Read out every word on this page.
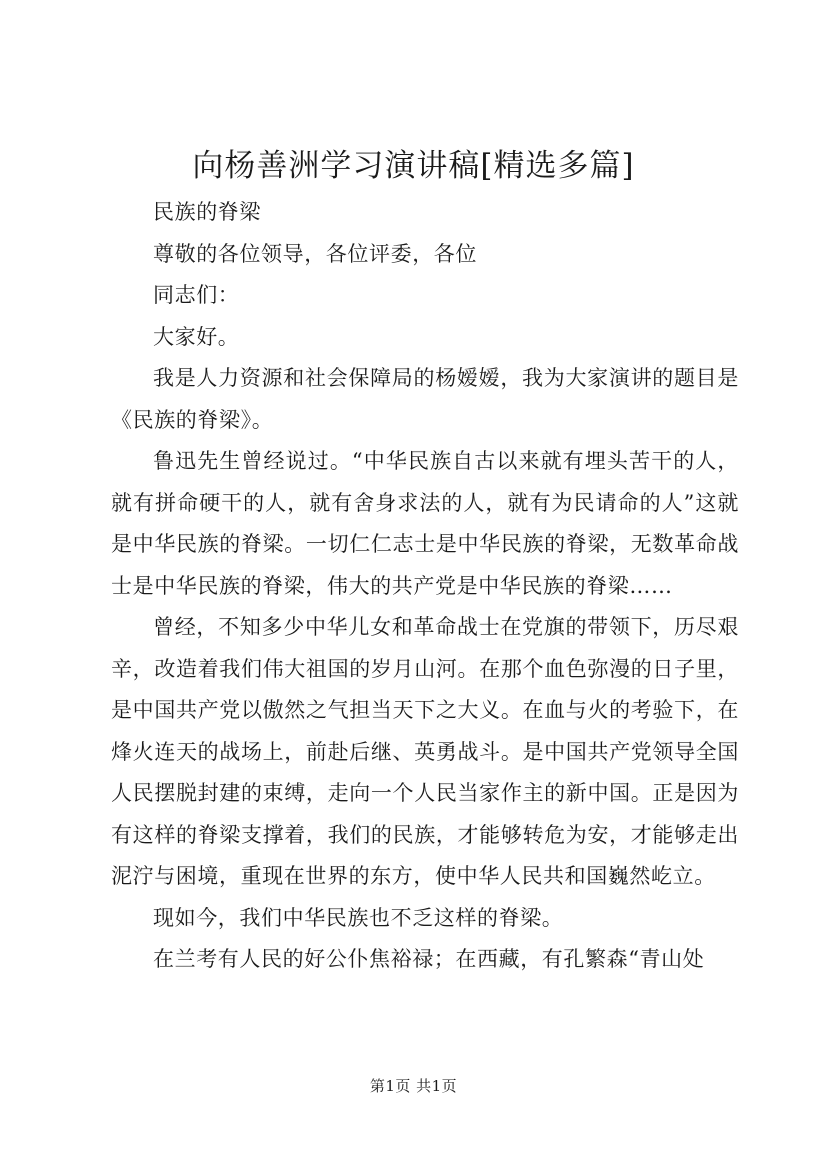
向杨善洲学习演讲稿[精选多篇]

民族的脊梁

尊敬的各位领导，各位评委，各位

同志们：

大家好。

我是人力资源和社会保障局的杨嫒嫒，我为大家演讲的题目是《民族的脊梁》。

鲁迅先生曾经说过。“中华民族自古以来就有埋头苦干的人，就有拼命硬干的人，就有舍身求法的人，就有为民请命的人”这就是中华民族的脊梁。一切仁仁志士是中华民族的脊梁，无数革命战士是中华民族的脊梁，伟大的共产党是中华民族的脊梁……

曾经，不知多少中华儿女和革命战士在党旗的带领下，历尽艰辛，改造着我们伟大祖国的岁月山河。在那个血色弥漫的日子里，是中国共产党以傲然之气担当天下之大义。在血与火的考验下，在烽火连天的战场上，前赴后继、英勇战斗。是中国共产党领导全国人民摆脱封建的束缚，走向一个人民当家作主的新中国。正是因为有这样的脊梁支撑着，我们的民族，才能够转危为安，才能够走出泥泞与困境，重现在世界的东方，使中华人民共和国巍然屹立。

现如今，我们中华民族也不乏这样的脊梁。

在兰考有人民的好公仆焦裕禄；在西藏，有孔繁森“青山处

第1页 共1页
